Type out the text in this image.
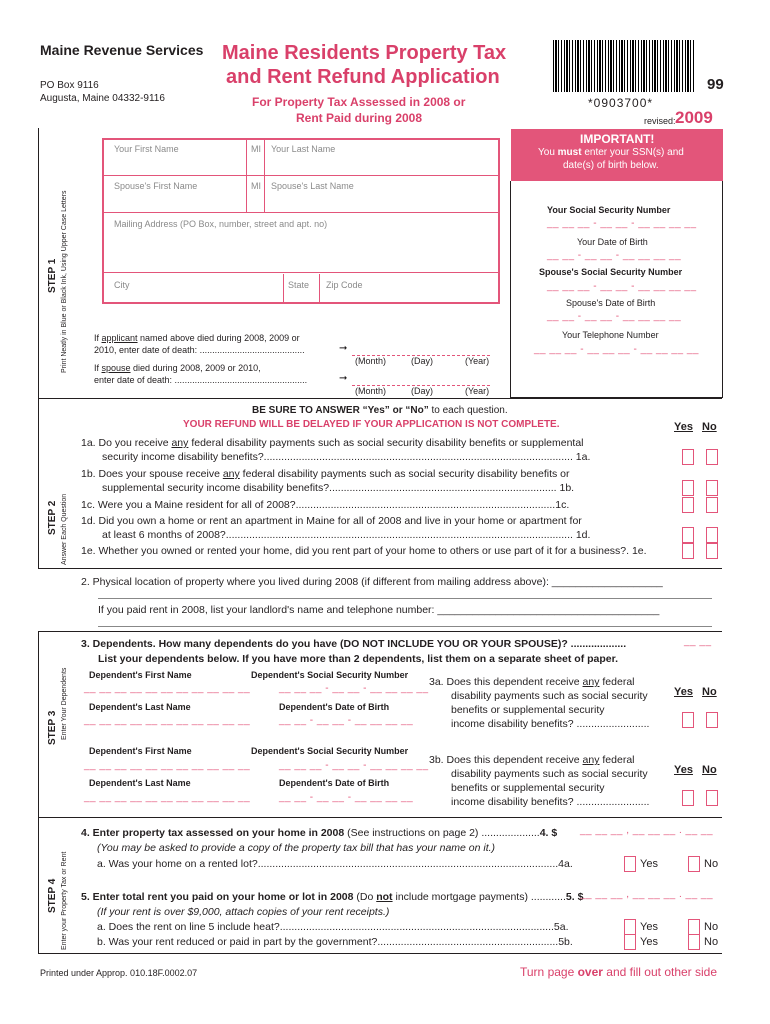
Maine Revenue Services
PO Box 9116
Augusta, Maine 04332-9116
Maine Residents Property Tax
and Rent Refund Application
For Property Tax Assessed in 2008 or
Rent Paid during 2008
99
*0903700*
revised: 2009
STEP 1 Print Neatly in Blue or Black Ink, Using Upper Case Letters
Your First Name	MI Your Last Name
Spouse's First Name	MI Spouse's Last Name
Mailing Address (PO Box, number, street and apt. no)
City	State Zip Code
If applicant named above died during 2008, 2009 or
2010, enter date of death: ..........................................
If spouse died during 2008, 2009 or 2010,
enter date of death: .....................................................
➞
➞
(Month)	(Day)	(Year)
(Month)	(Day)	(Year)
IMPORTANT!
You must enter your SSN(s) and
date(s) of birth below.
Your Social Security Number
__ __ __ - __ __ - __ __ __ __
Your Date of Birth
__ __ - __ __ - __ __ __ __
Spouse's Social Security Number
__ __ __ - __ __ - __ __ __ __
Spouse's Date of Birth
__ __ - __ __ - __ __ __ __
Your Telephone Number
__ __ __ - __ __ __ - __ __ __ __
STEP 2 Answer Each Question
BE SURE TO ANSWER “Yes” or “No” to each question.
YOUR REFUND WILL BE DELAYED IF YOUR APPLICATION IS NOT COMPLETE.	Yes No
1a. Do you receive any federal disability payments such as social security disability benefits or supplemental
security income disability benefits?.......................................................................................................... 1a.
1b. Does your spouse receive any federal disability payments such as social security disability benefits or
supplemental security income disability benefits?.............................................................................. 1b.
1c. Were you a Maine resident for all of 2008?.........................................................................................1c.
1d. Did you own a home or rent an apartment in Maine for all of 2008 and live in your home or apartment for
at least 6 months of 2008?....................................................................................................................... 1d.
1e. Whether you owned or rented your home, did you rent part of your home to others or use part of it for a business?. 1e.
2. Physical location of property where you lived during 2008 (if different from mailing address above): ___________________
If you paid rent in 2008, list your landlord's name and telephone number: ______________________________________
STEP 3 Enter Your Dependents
3. Dependents. How many dependents do you have (DO NOT INCLUDE YOU OR YOUR SPOUSE)? ...................	__ __
List your dependents below. If you have more than 2 dependents, list them on a separate sheet of paper.
Dependent's First Name	Dependent's Social Security Number
__ __ __ __ __ __ __ __ __ __ __	__ __ __ - __ __ - __ __ __ __
Dependent's Last Name	Dependent's Date of Birth
__ __ __ __ __ __ __ __ __ __ __	__ __ - __ __ - __ __ __ __
3a. Does this dependent receive any federal
disability payments such as social security
benefits or supplemental security
income disability benefits? .........................
Yes No
Dependent's First Name	Dependent's Social Security Number
__ __ __ __ __ __ __ __ __ __ __	__ __ __ - __ __ - __ __ __ __
Dependent's Last Name	Dependent's Date of Birth
__ __ __ __ __ __ __ __ __ __ __	__ __ - __ __ - __ __ __ __
3b. Does this dependent receive any federal
disability payments such as social security
benefits or supplemental security
income disability benefits? .........................
Yes No
STEP 4 Enter your Property Tax or Rent
4. Enter property tax assessed on your home in 2008 (See instructions on page 2) ....................4. $ __ __ __ , __ __ __ . __ __
(You may be asked to provide a copy of the property tax bill that has your name on it.)
a. Was your home on a rented lot?.......................................................................................................4a.	Yes	No
5. Enter total rent you paid on your home or lot in 2008 (Do not include mortgage payments) ............5. $
__ __ __ , __ __ __ . __ __
(If your rent is over $9,000, attach copies of your rent receipts.)
a. Does the rent on line 5 include heat?..............................................................................................5a.	Yes	No
b. Was your rent reduced or paid in part by the government?..............................................................5b.	Yes	No
Printed under Approp. 010.18F.0002.07	Turn page over and fill out other side
